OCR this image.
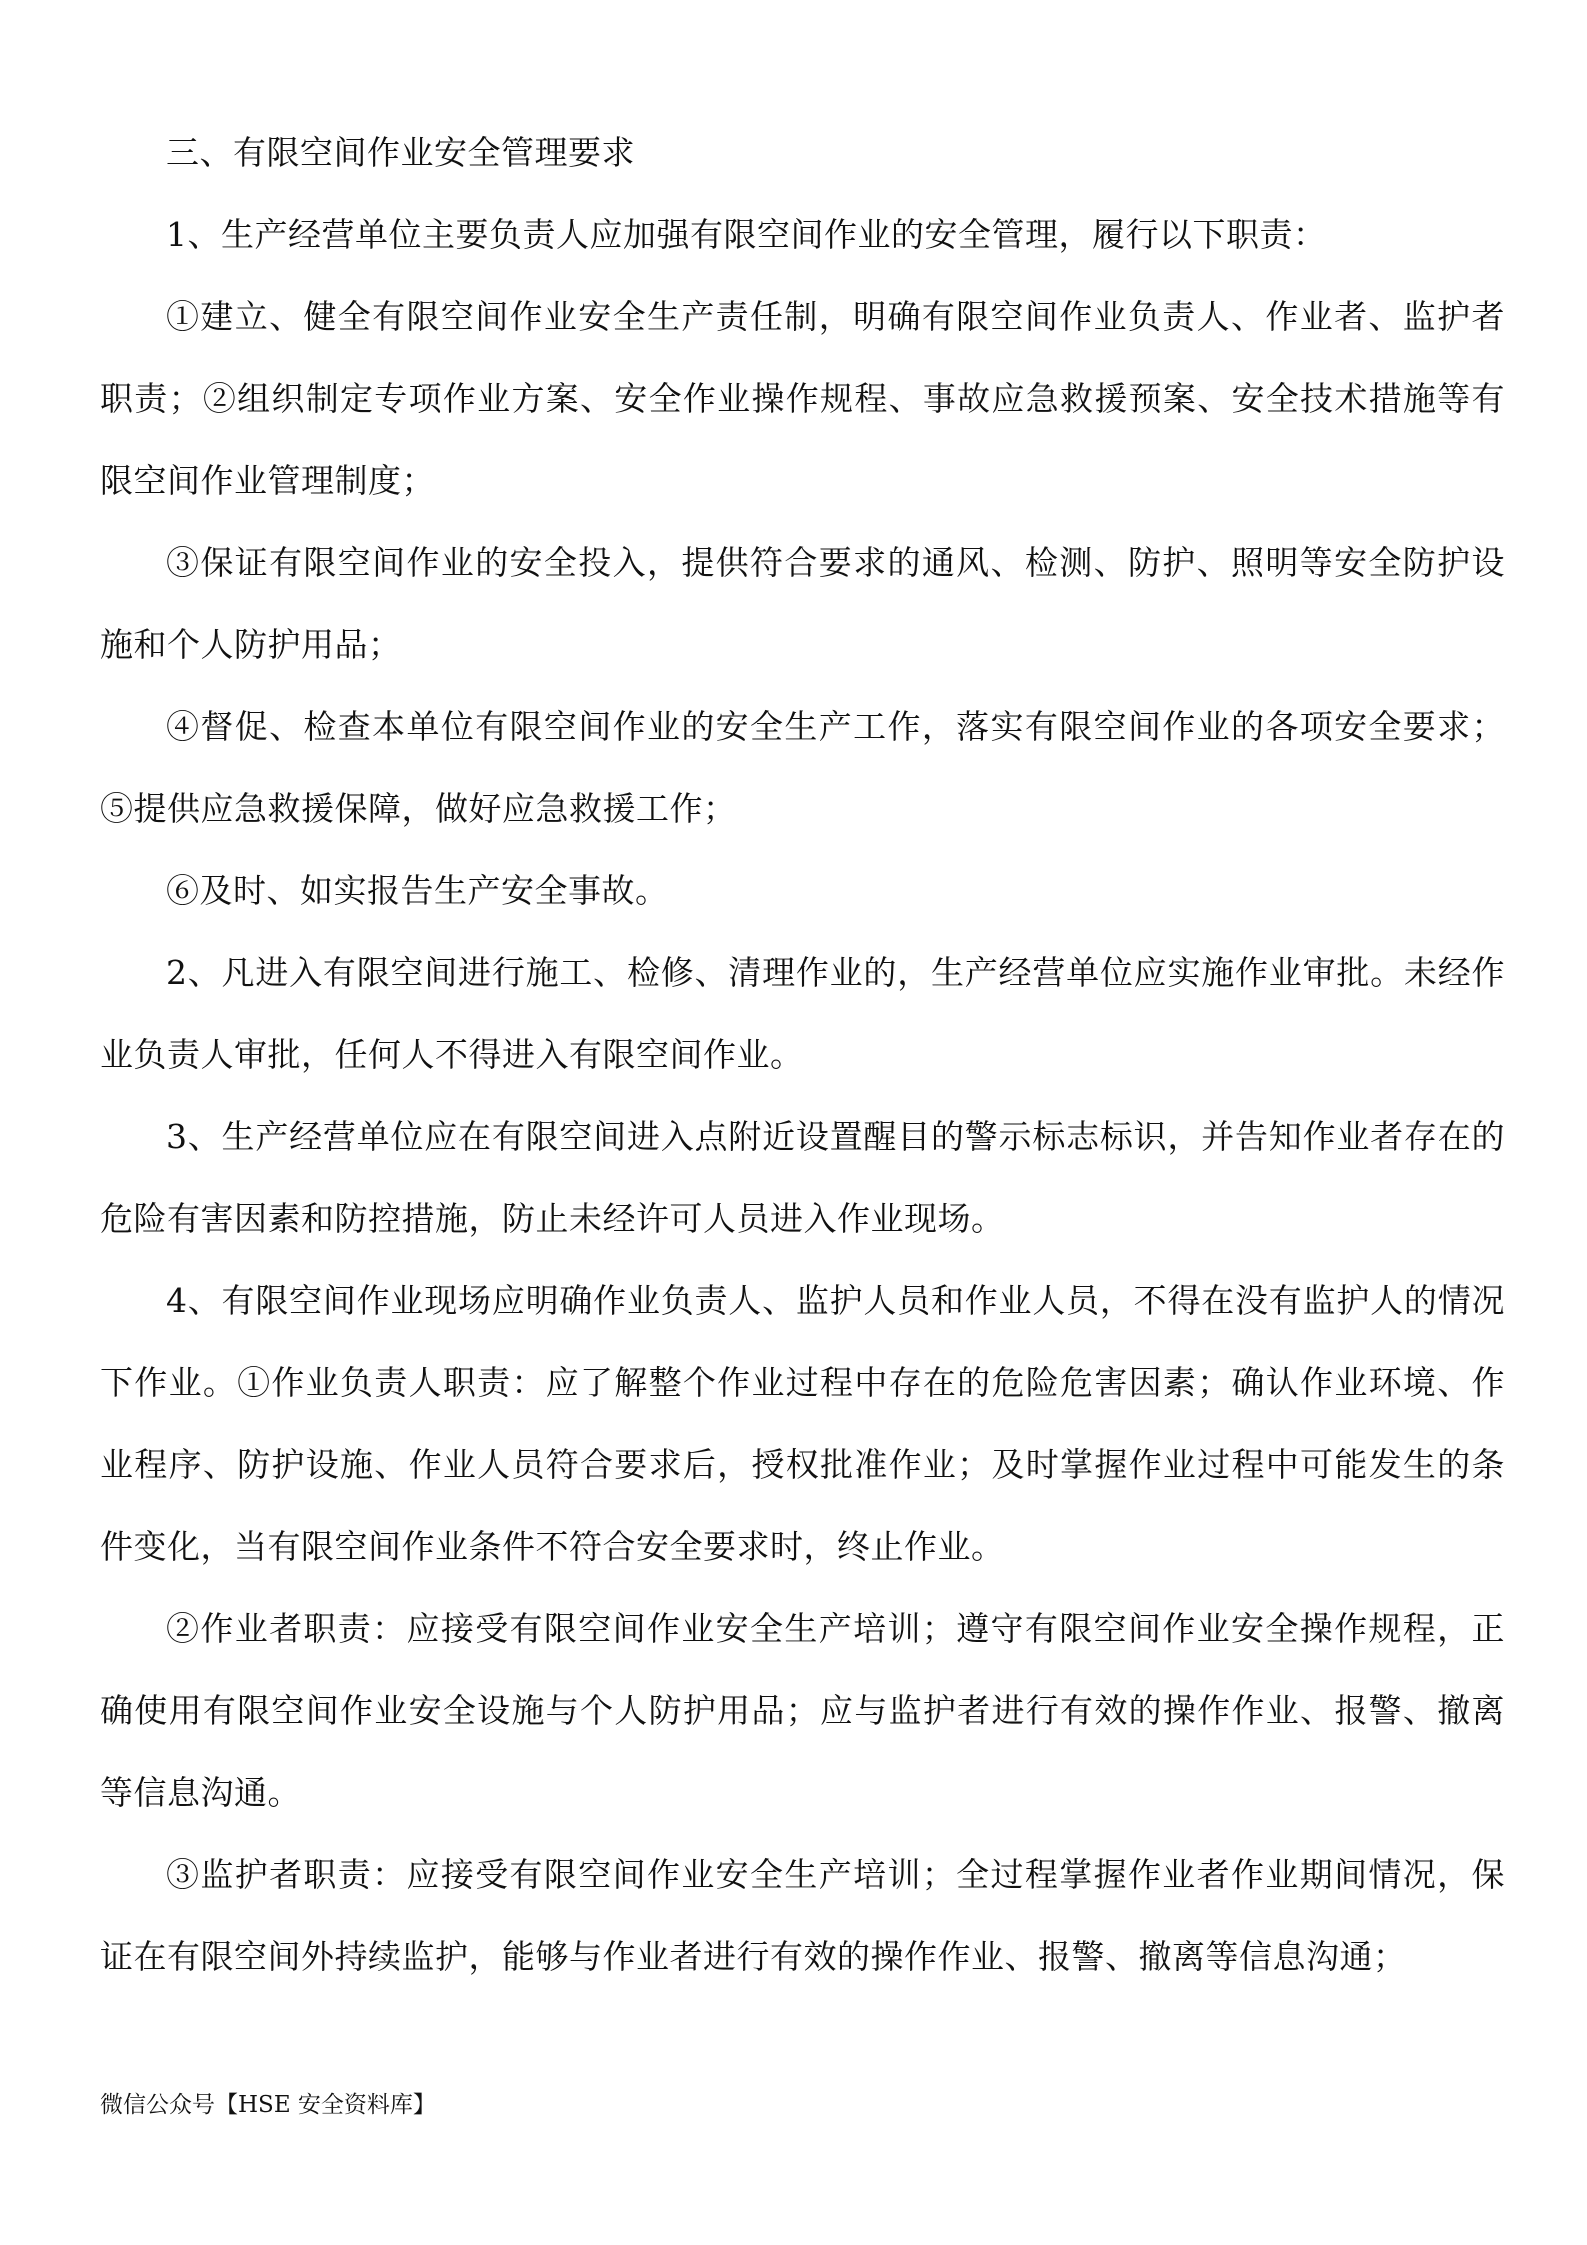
三、有限空间作业安全管理要求

1、生产经营单位主要负责人应加强有限空间作业的安全管理，履行以下职责：

①建立、健全有限空间作业安全生产责任制，明确有限空间作业负责人、作业者、监护者职责；②组织制定专项作业方案、安全作业操作规程、事故应急救援预案、安全技术措施等有限空间作业管理制度；

③保证有限空间作业的安全投入，提供符合要求的通风、检测、防护、照明等安全防护设施和个人防护用品；

④督促、检查本单位有限空间作业的安全生产工作，落实有限空间作业的各项安全要求；⑤提供应急救援保障，做好应急救援工作；

⑥及时、如实报告生产安全事故。

2、凡进入有限空间进行施工、检修、清理作业的，生产经营单位应实施作业审批。未经作业负责人审批，任何人不得进入有限空间作业。

3、生产经营单位应在有限空间进入点附近设置醒目的警示标志标识，并告知作业者存在的危险有害因素和防控措施，防止未经许可人员进入作业现场。

4、有限空间作业现场应明确作业负责人、监护人员和作业人员，不得在没有监护人的情况下作业。①作业负责人职责：应了解整个作业过程中存在的危险危害因素；确认作业环境、作业程序、防护设施、作业人员符合要求后，授权批准作业；及时掌握作业过程中可能发生的条件变化，当有限空间作业条件不符合安全要求时，终止作业。

②作业者职责：应接受有限空间作业安全生产培训；遵守有限空间作业安全操作规程，正确使用有限空间作业安全设施与个人防护用品；应与监护者进行有效的操作作业、报警、撤离等信息沟通。

③监护者职责：应接受有限空间作业安全生产培训；全过程掌握作业者作业期间情况，保证在有限空间外持续监护，能够与作业者进行有效的操作作业、报警、撤离等信息沟通；

微信公众号【HSE 安全资料库】
